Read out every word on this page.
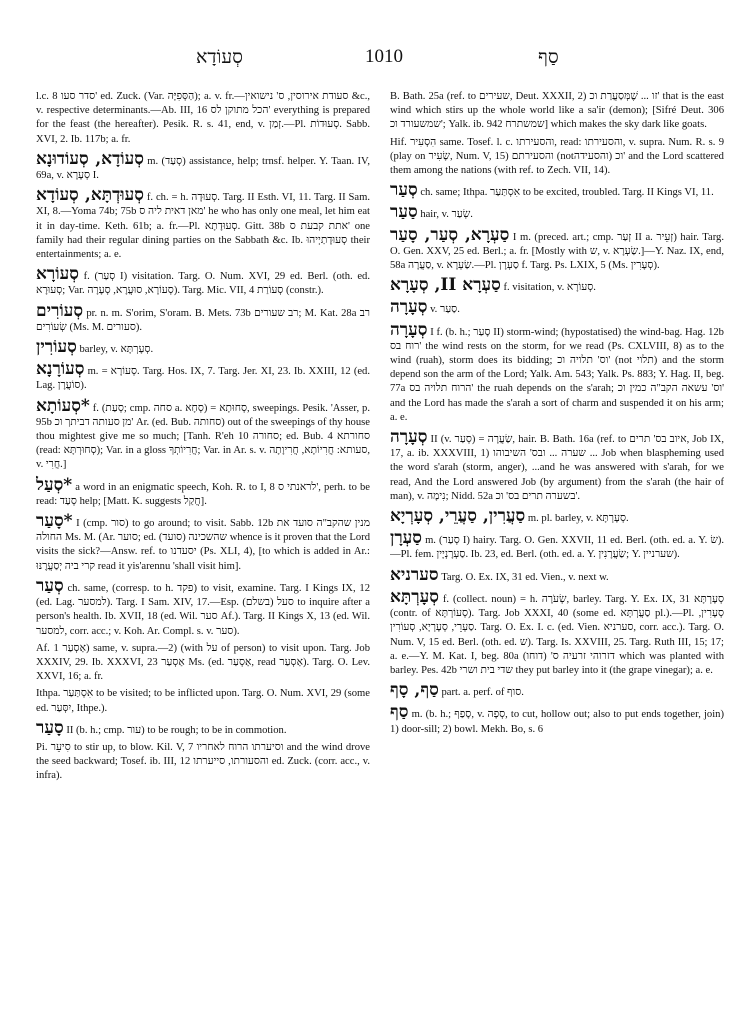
סְעוֹדָא	1010	סַף

l.c. 8 סדר סעו' ed. Zuck. (Var. הַסְּפִיָּה); a. v. fr.—סעודת אירוסין, ס' נישואין &c., v. respective determinants.—Ab. III, 16 הכל מתוקן לס' everything is prepared for the feast (the hereafter). Pesik. R. s. 41, end, v. זְמַן.—Pl. סְעוּדוֹת. Sabb. XVI, 2. Ib. 117b; a. fr.

סְעוֹדָא, סְעוֹדוּנָא m. (סְעַד) assistance, help; trnsf. helper. Y. Taan. IV, 69a, v. סְעָרָא I.

סְעוּדְתָּא, סְעוֹדָא f. ch. = h. סְעוּדָה. Targ. II Esth. VI, 11. Targ. II Sam. XI, 8.—Yoma 74b; 75b מאן דאית ליה ס' he who has only one meal, let him eat it in day-time. Keth. 61b; a. fr.—Pl. סְעוּדָתָא. Gitt. 38b אתת קבעת ס' one family had their regular dining parties on the Sabbath &c. Ib. סְעוּדָתַיְיהוּ their entertainments; a. e.

סְעוֹרָא f. (סְעַר I) visitation. Targ. O. Num. XVI, 29 ed. Berl. (oth. ed. סְעוּרָא; Var. סְעוֹרָא, סוּעֲרָא, סְעָרָה). Targ. Mic. VII, 4 סְעוֹרַת (constr.).

סְעוֹרִים pr. n. m. S'orim, S'oram. B. Mets. 73b רב שעורים; M. Kat. 28a רב שְׂעוֹרִים (Ms. M. סעורים).

סְעוֹרִין barley, v. סְעָרְתָּא.

סְעוֹרָנָא m. = סְעוֹרָא. Targ. Hos. IX, 7. Targ. Jer. XI, 23. Ib. XXIII, 12 (ed. Lag. סוֹעֲרָן).

*סְעוֹתָא f. (סְעַת; cmp. סחה a. סְחָא) = סְחוּתָא, sweepings. Pesik. 'Asser, p. 95b מן סעותה דביתך וכ' Ar. (ed. Bub. סחותה) out of the sweepings of thy house thou mightest give me so much; [Tanh. R'eh 10 סחורה; ed. Bub. 4 סחורתא (read: סְחוּרְתָּא); Var. in a gloss חֲרִיוֹתְךָ; Var. in Ar. s. v. סעותא: חֲרִיוֹתָא, חֲרִיוָתָה, v. חֲרִי.]

*סְעַל a word in an enigmatic speech, Koh. R. to I, 8 לראנתי ס', perh. to be read: סְעַד help; [Matt. K. suggests חֲקַל].

*סָעַר I (cmp. סור) to go around; to visit. Sabb. 12b מנין שהקב"ה סועד את החולה Ms. M. (Ar. סוער; ed. שהשכינה (סועד) whence is it proven that the Lord visits the sick?—Answ. ref. to יסעדנו (Ps. XLI, 4), [to which is added in Ar.: קרי ביה יְסַעֲרֶנּוּ read it yis'arennu 'shall visit him].

סְעַר ch. same, (corresp. to h. פקד) to visit, examine. Targ. I Kings IX, 12 (ed. Lag. למסער). Targ. I Sam. XIV, 17.—Esp. סעל (בשלם) to inquire after a person's health. Ib. XVII, 18 (ed. Wil. סער Af.). Targ. II Kings X, 13 (ed. Wil. למסער, corr. acc.; v. Koh. Ar. Compl. s. v. סער).

Af. אַסְעַר 1) same, v. supra.—2) (with על of person) to visit upon. Targ. Job XXXIV, 29. Ib. XXXVI, 23 אַסְעַר Ms. (ed. אַסְעַר, read אַסְעַר). Targ. O. Lev. XXVI, 16; a. fr.

Ithpa. אִסְתַּעַר to be visited; to be inflicted upon. Targ. O. Num. XVI, 29 (some ed. יִסְּעַר, Ithpe.).

סָעַר II (b. h.; cmp. עור) to be rough; to be in commotion.

Pi. סִיעֵר to stir up, to blow. Kil. V, 7 וסיערתו הרוח לאחריו and the wind drove the seed backward; Tosef. ib. III, 12 והסעורתו, סייערתו ed. Zuck. (corr. acc., v. infra).

B. Bath. 25a (ref. to שעירים, Deut. XXXII, 2) זו ... שֶׁמְּסַעֲרַת וכ' that is the east wind which stirs up the whole world like a sa'ir (demon); [Sifré Deut. 306 שמשעורד וכ'; Yalk. ib. 942 שמשתרח] which makes the sky dark like goats.

Hif. הִסְעִיר same. Tosef. l. c. והסעירתו, read: והסעירתו, v. supra. Num. R. s. 9 (play on שָׂעִיר, Num. V, 15) והסעירתם (notוהסעידה) וכ' and the Lord scattered them among the nations (with ref. to Zech. VII, 14).

סְעַר ch. same; Ithpa. אִסְתַּעַר to be excited, troubled. Targ. II Kings VI, 11.

סַעַר hair, v. שְׂעַר.

סַעְרָא, סְעַר, סָעַר I m. (preced. art.; cmp. זְעַר II a. זְעֵיר) hair. Targ. O. Gen. XXV, 25 ed. Berl.; a. fr. [Mostly with ש, v. שַׂעְרָא.]—Y. Naz. IX, end, 58a סַעֲרָה, v. שַׂעְרָא.—Pl. סַעְרָן f. Targ. Ps. LXIX, 5 (Ms. סְעָרִין).

סַעְרָא II, סְעָרָא f. visitation, v. סְעוֹרָא.

סְעָרָה v. סַעַר.

סְעָרָה I f. (b. h.; סָעַר II) storm-wind; (hypostatised) the wind-bag. Hag. 12b רוח בס' the wind rests on the storm, for we read (Ps. CXLVIII, 8) as to the wind (ruah), storm does its bidding; וס' תלויה וכ' (not תלוי) and the storm depend son the arm of the Lord; Yalk. Am. 543; Yalk. Ps. 883; Y. Hag. II, beg. 77a הרוח תלויה בס' the ruah depends on the s'arah; וס' עשאה הקב"ה כמין וכ' and the Lord has made the s'arah a sort of charm and suspended it on his arm; a. e.

סְעָרָה II (v. סְעַר) = שַׂעֲרָה, hair. B. Bath. 16a (ref. to איוב בס' תרים, Job IX, 17, a. ib. XXXVIII, 1) שערה ... ובס' השיבוהו ... Job when blaspheming used the word s'arah (storm, anger), ...and he was answered with s'arah, for we read, And the Lord answered Job (by argument) from the s'arah (the hair of man), v. נִימָה; Nidd. 52a בשערה תרים בס' וכ'.

סַעֲרִין, סַעֲרֵי, סְעָרְיָא m. pl. barley, v. סְעָרְתָּא.

סַעְרָן m. (סְעַר I) hairy. Targ. O. Gen. XXVII, 11 ed. Berl. (oth. ed. a. Y. שׂ).—Pl. fem. סַעְרָנְיָין. Ib. 23, ed. Berl. (oth. ed. a. Y. שַׂעֲרָנִין; Y. שערניין).

סערניא Targ. O. Ex. IX, 31 ed. Vien., v. next w.

סְעָרְתָּא f. (collect. noun) = h. שְׂעֹרָה, barley. Targ. Y. Ex. IX, 31 סְעָרְתָּא (contr. of סְעוֹרְתָּא). Targ. Job XXXI, 40 (some ed. סַעֲרְתָּא pl.).—Pl. סְעָרִין, סַעְרֵי, סְעָרְיָא, סְעוֹרִין. Targ. O. Ex. I. c. (ed. Vien. סערניא, corr. acc.). Targ. O. Num. V, 15 ed. Berl. (oth. ed. ש). Targ. Is. XXVIII, 25. Targ. Ruth III, 15; 17; a. e.—Y. M. Kat. I, beg. 80a דזרוהי זרעיה ס' (דוחו) which was planted with barley. Pes. 42b שדי בית ושרי they put barley into it (the grape vinegar); a. e.

סַף, סָף part. a. perf. of סוף.

סַף m. (b. h.; סָפַף, v. סְפָה, to cut, hollow out; also to put ends together, join) 1) door-sill; 2) bowl. Mekh. Bo, s. 6
